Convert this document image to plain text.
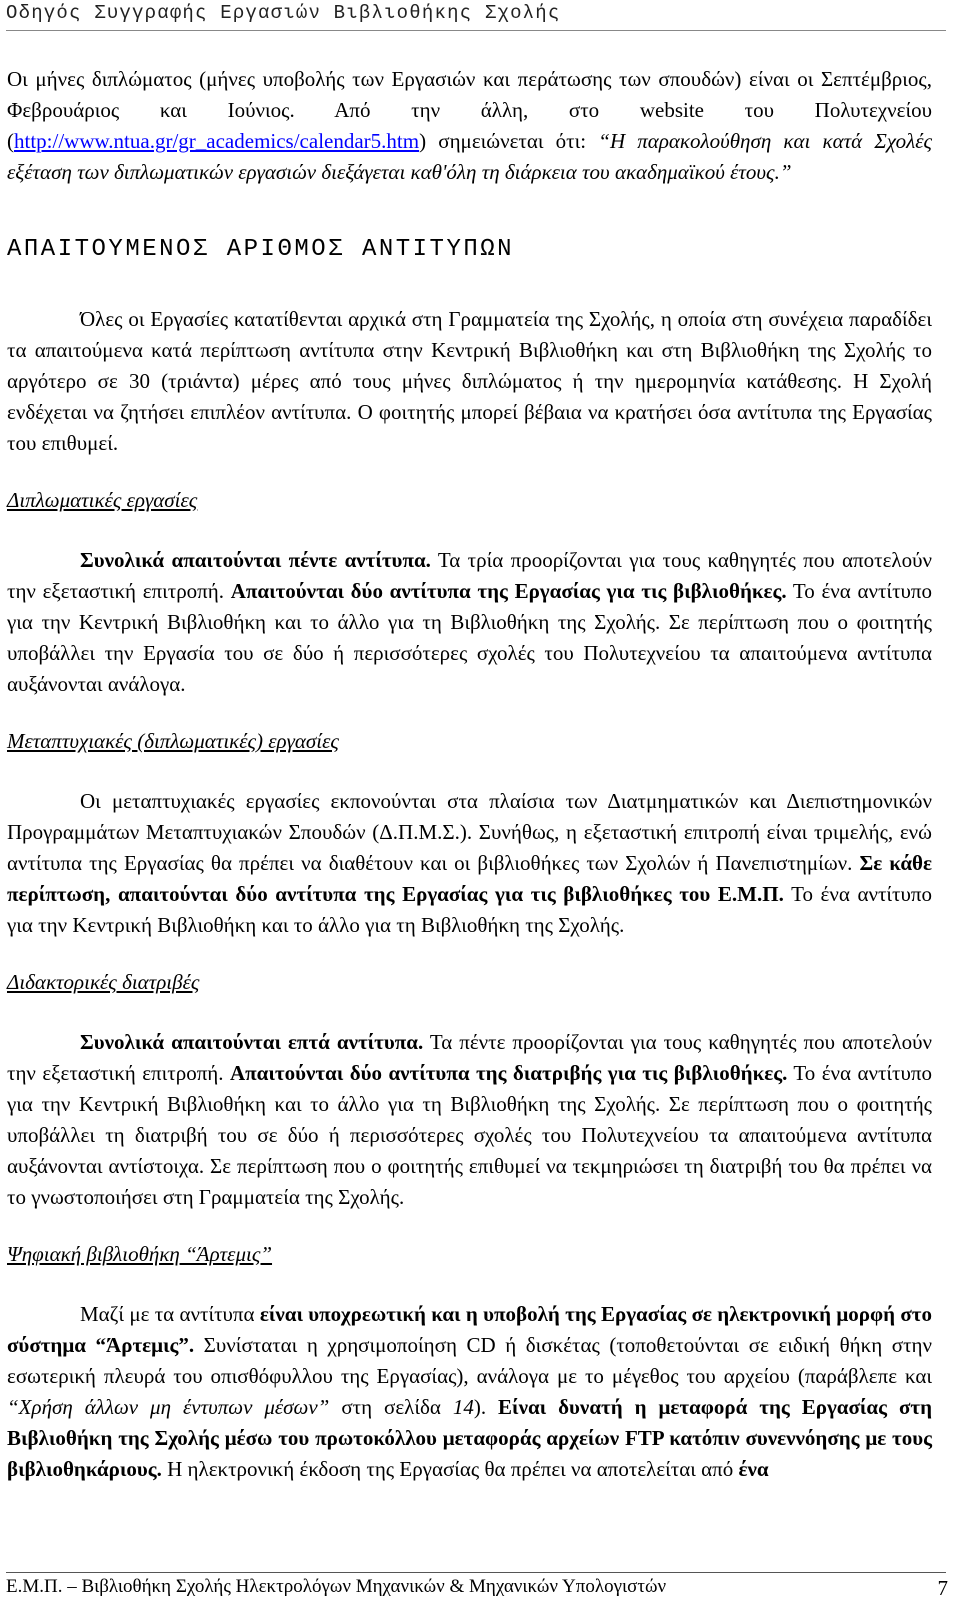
Οδηγός Συγγραφής Εργασιών Βιβλιοθήκης Σχολής

Οι μήνες διπλώματος (μήνες υποβολής των Εργασιών και περάτωσης των σπουδών) είναι οι Σεπτέμβριος, Φεβρουάριος και Ιούνιος. Από την άλλη, στο website του Πολυτεχνείου (http://www.ntua.gr/gr_academics/calendar5.htm) σημειώνεται ότι: “Η παρακολούθηση και κατά Σχολές εξέταση των διπλωματικών εργασιών διεξάγεται καθ'όλη τη διάρκεια του ακαδημαϊκού έτους.”

ΑΠΑΙΤΟΥΜΕΝΟΣ ΑΡΙΘΜΟΣ ΑΝΤΙΤΥΠΩΝ

Όλες οι Εργασίες κατατίθενται αρχικά στη Γραμματεία της Σχολής, η οποία στη συνέχεια παραδίδει τα απαιτούμενα κατά περίπτωση αντίτυπα στην Κεντρική Βιβλιοθήκη και στη Βιβλιοθήκη της Σχολής το αργότερο σε 30 (τριάντα) μέρες από τους μήνες διπλώματος ή την ημερομηνία κατάθεσης. Η Σχολή ενδέχεται να ζητήσει επιπλέον αντίτυπα. Ο φοιτητής μπορεί βέβαια να κρατήσει όσα αντίτυπα της Εργασίας του επιθυμεί.

Διπλωματικές εργασίες

Συνολικά απαιτούνται πέντε αντίτυπα. Τα τρία προορίζονται για τους καθηγητές που αποτελούν την εξεταστική επιτροπή. Απαιτούνται δύο αντίτυπα της Εργασίας για τις βιβλιοθήκες. Το ένα αντίτυπο για την Κεντρική Βιβλιοθήκη και το άλλο για τη Βιβλιοθήκη της Σχολής. Σε περίπτωση που ο φοιτητής υποβάλλει την Εργασία του σε δύο ή περισσότερες σχολές του Πολυτεχνείου τα απαιτούμενα αντίτυπα αυξάνονται ανάλογα.

Μεταπτυχιακές (διπλωματικές) εργασίες

Οι μεταπτυχιακές εργασίες εκπονούνται στα πλαίσια των Διατμηματικών και Διεπιστημονικών Προγραμμάτων Μεταπτυχιακών Σπουδών (Δ.Π.Μ.Σ.). Συνήθως, η εξεταστική επιτροπή είναι τριμελής, ενώ αντίτυπα της Εργασίας θα πρέπει να διαθέτουν και οι βιβλιοθήκες των Σχολών ή Πανεπιστημίων. Σε κάθε περίπτωση, απαιτούνται δύο αντίτυπα της Εργασίας για τις βιβλιοθήκες του Ε.Μ.Π. Το ένα αντίτυπο για την Κεντρική Βιβλιοθήκη και το άλλο για τη Βιβλιοθήκη της Σχολής.

Διδακτορικές διατριβές

Συνολικά απαιτούνται επτά αντίτυπα. Τα πέντε προορίζονται για τους καθηγητές που αποτελούν την εξεταστική επιτροπή. Απαιτούνται δύο αντίτυπα της διατριβής για τις βιβλιοθήκες. Το ένα αντίτυπο για την Κεντρική Βιβλιοθήκη και το άλλο για τη Βιβλιοθήκη της Σχολής. Σε περίπτωση που ο φοιτητής υποβάλλει τη διατριβή του σε δύο ή περισσότερες σχολές του Πολυτεχνείου τα απαιτούμενα αντίτυπα αυξάνονται αντίστοιχα. Σε περίπτωση που ο φοιτητής επιθυμεί να τεκμηριώσει τη διατριβή του θα πρέπει να το γνωστοποιήσει στη Γραμματεία της Σχολής.

Ψηφιακή βιβλιοθήκη “Άρτεμις”

Μαζί με τα αντίτυπα είναι υποχρεωτική και η υποβολή της Εργασίας σε ηλεκτρονική μορφή στο σύστημα “Άρτεμις”. Συνίσταται η χρησιμοποίηση CD ή δισκέτας (τοποθετούνται σε ειδική θήκη στην εσωτερική πλευρά του οπισθόφυλλου της Εργασίας), ανάλογα με το μέγεθος του αρχείου (παράβλεπε και “Χρήση άλλων μη έντυπων μέσων” στη σελίδα 14). Είναι δυνατή η μεταφορά της Εργασίας στη Βιβλιοθήκη της Σχολής μέσω του πρωτοκόλλου μεταφοράς αρχείων FTP κατόπιν συνεννόησης με τους βιβλιοθηκάριους. Η ηλεκτρονική έκδοση της Εργασίας θα πρέπει να αποτελείται από ένα

Ε.Μ.Π. – Βιβλιοθήκη Σχολής Ηλεκτρολόγων Μηχανικών & Μηχανικών Υπολογιστών	7
